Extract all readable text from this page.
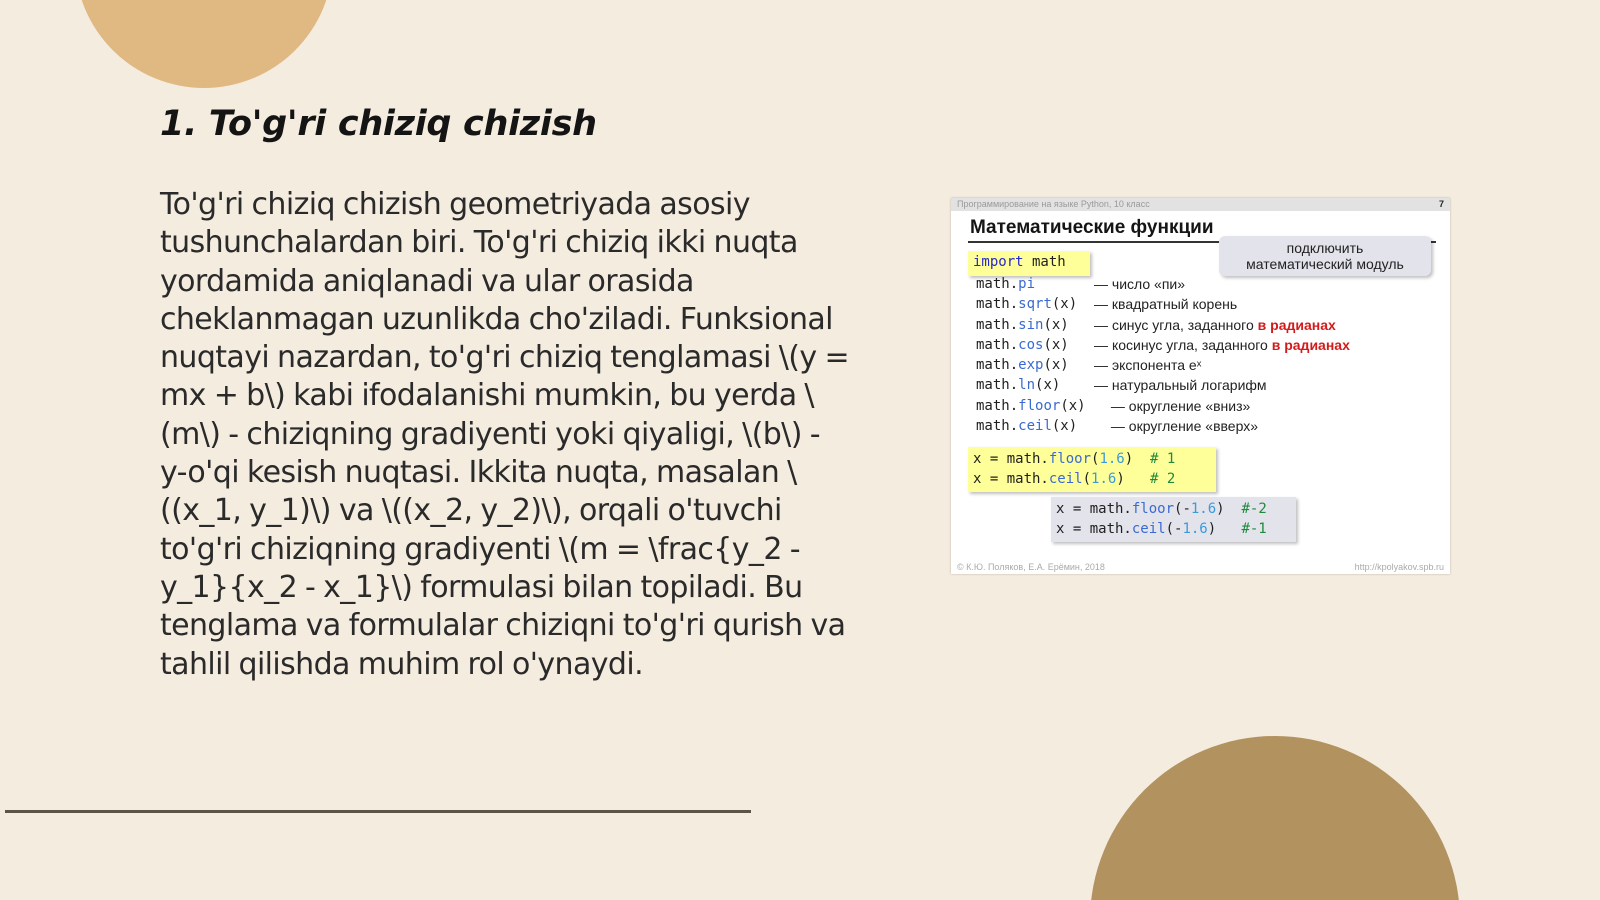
1. To'g'ri chiziq chizish

To'g'ri chiziq chizish geometriyada asosiy tushunchalardan biri. To'g'ri chiziq ikki nuqta yordamida aniqlanadi va ular orasida cheklanmagan uzunlikda cho'ziladi. Funksional nuqtayi nazardan, to'g'ri chiziq tenglamasi \(y = mx + b\) kabi ifodalanishi mumkin, bu yerda \(m\) - chiziqning gradiyenti yoki qiyaligi, \(b\) - y-o'qi kesish nuqtasi. Ikkita nuqta, masalan \((x_1, y_1)\) va \((x_2, y_2)\), orqali o'tuvchi to'g'ri chiziqning gradiyenti \(m = \frac{y_2 - y_1}{x_2 - x_1}\) formulasi bilan topiladi. Bu tenglama va formulalar chiziqni to'g'ri qurish va tahlil qilishda muhim rol o'ynaydi.

Программирование на языке Python, 10 класс	7
Математические функции
подключить
математический модуль
import math
math.pi	— число «пи»
math.sqrt(x)	— квадратный корень
math.sin(x)	— синус угла, заданного в радианах
math.cos(x)	— косинус угла, заданного в радианах
math.exp(x)	— экспонента eˣ
math.ln(x)	— натуральный логарифм
math.floor(x)	— округление «вниз»
math.ceil(x)	— округление «вверх»
x = math.floor(1.6)  # 1
x = math.ceil(1.6)   # 2
x = math.floor(-1.6)  #-2
x = math.ceil(-1.6)   #-1
© К.Ю. Поляков, Е.А. Ерёмин, 2018	http://kpolyakov.spb.ru
